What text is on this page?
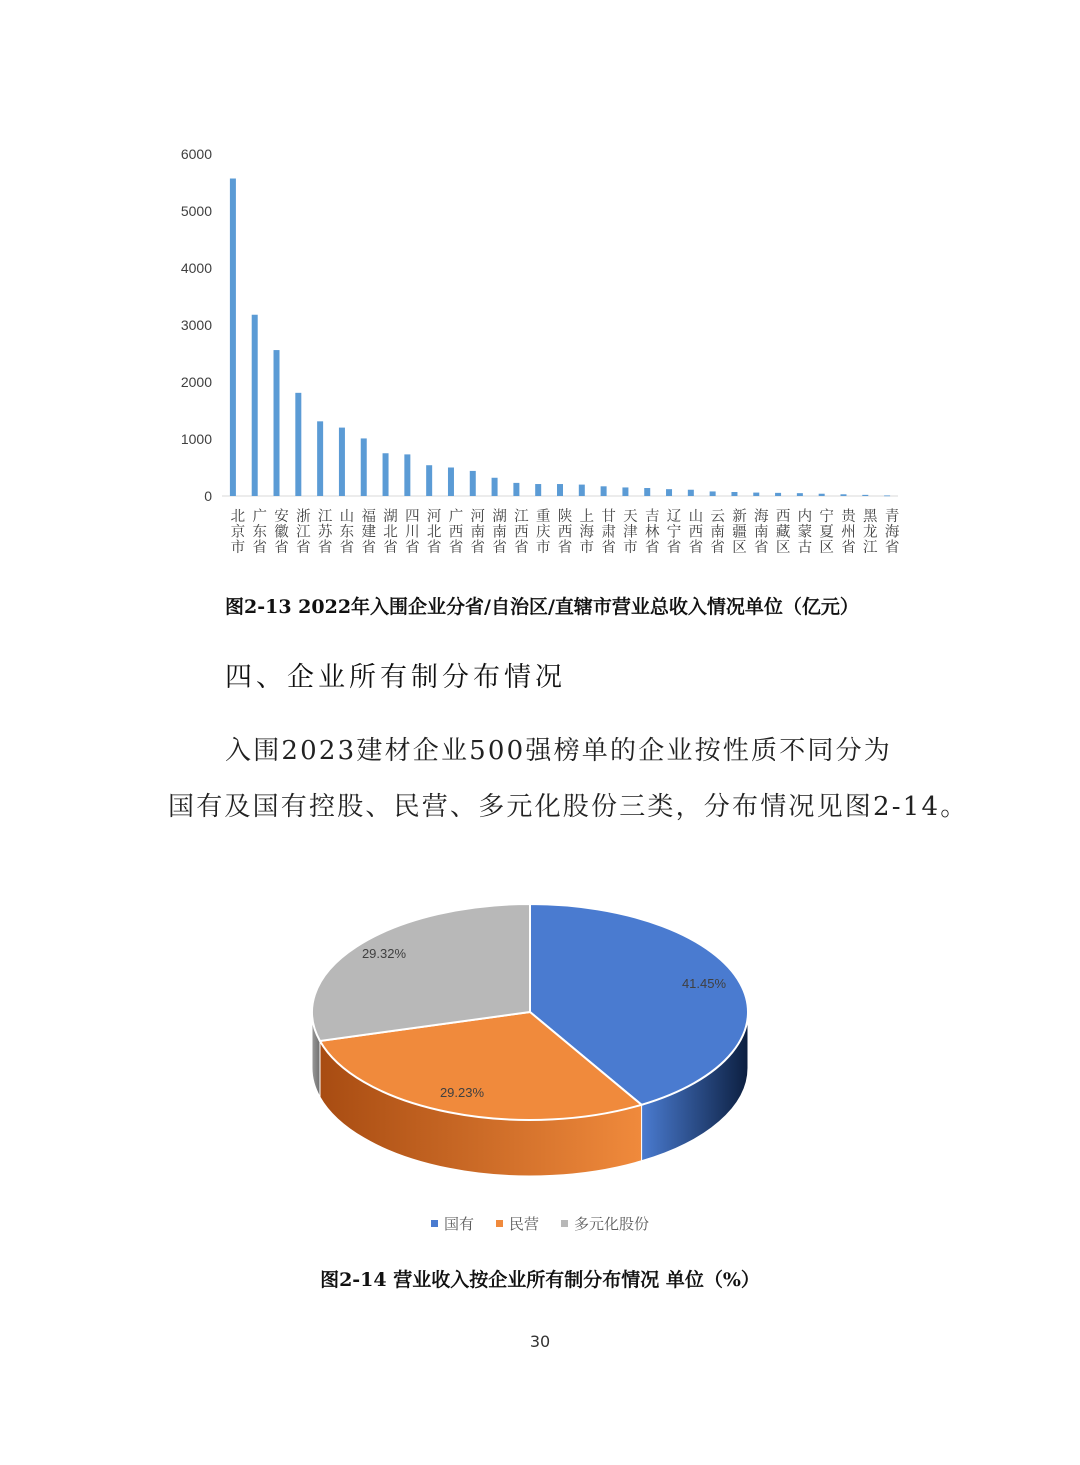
0
1000
2000
3000
4000
5000
6000
北京市
广东省
安徽省
浙江省
江苏省
山东省
福建省
湖北省
四川省
河北省
广西省
河南省
湖南省
江西省
重庆市
陕西省
上海市
甘肃省
天津市
吉林省
辽宁省
山西省
云南省
新疆区
海南省
西藏区
内蒙古
宁夏区
贵州省
黑龙江
青海省
图2-13 2022年入围企业分省/自治区/直辖市营业总收入情况单位（亿元）
四、企业所有制分布情况
入围2023建材企业500强榜单的企业按性质不同分为
国有及国有控股、民营、多元化股份三类，分布情况见图2-14。
41.45%
29.23%
29.32%
国有 民营 多元化股份
图2-14 营业收入按企业所有制分布情况 单位（%）
30
